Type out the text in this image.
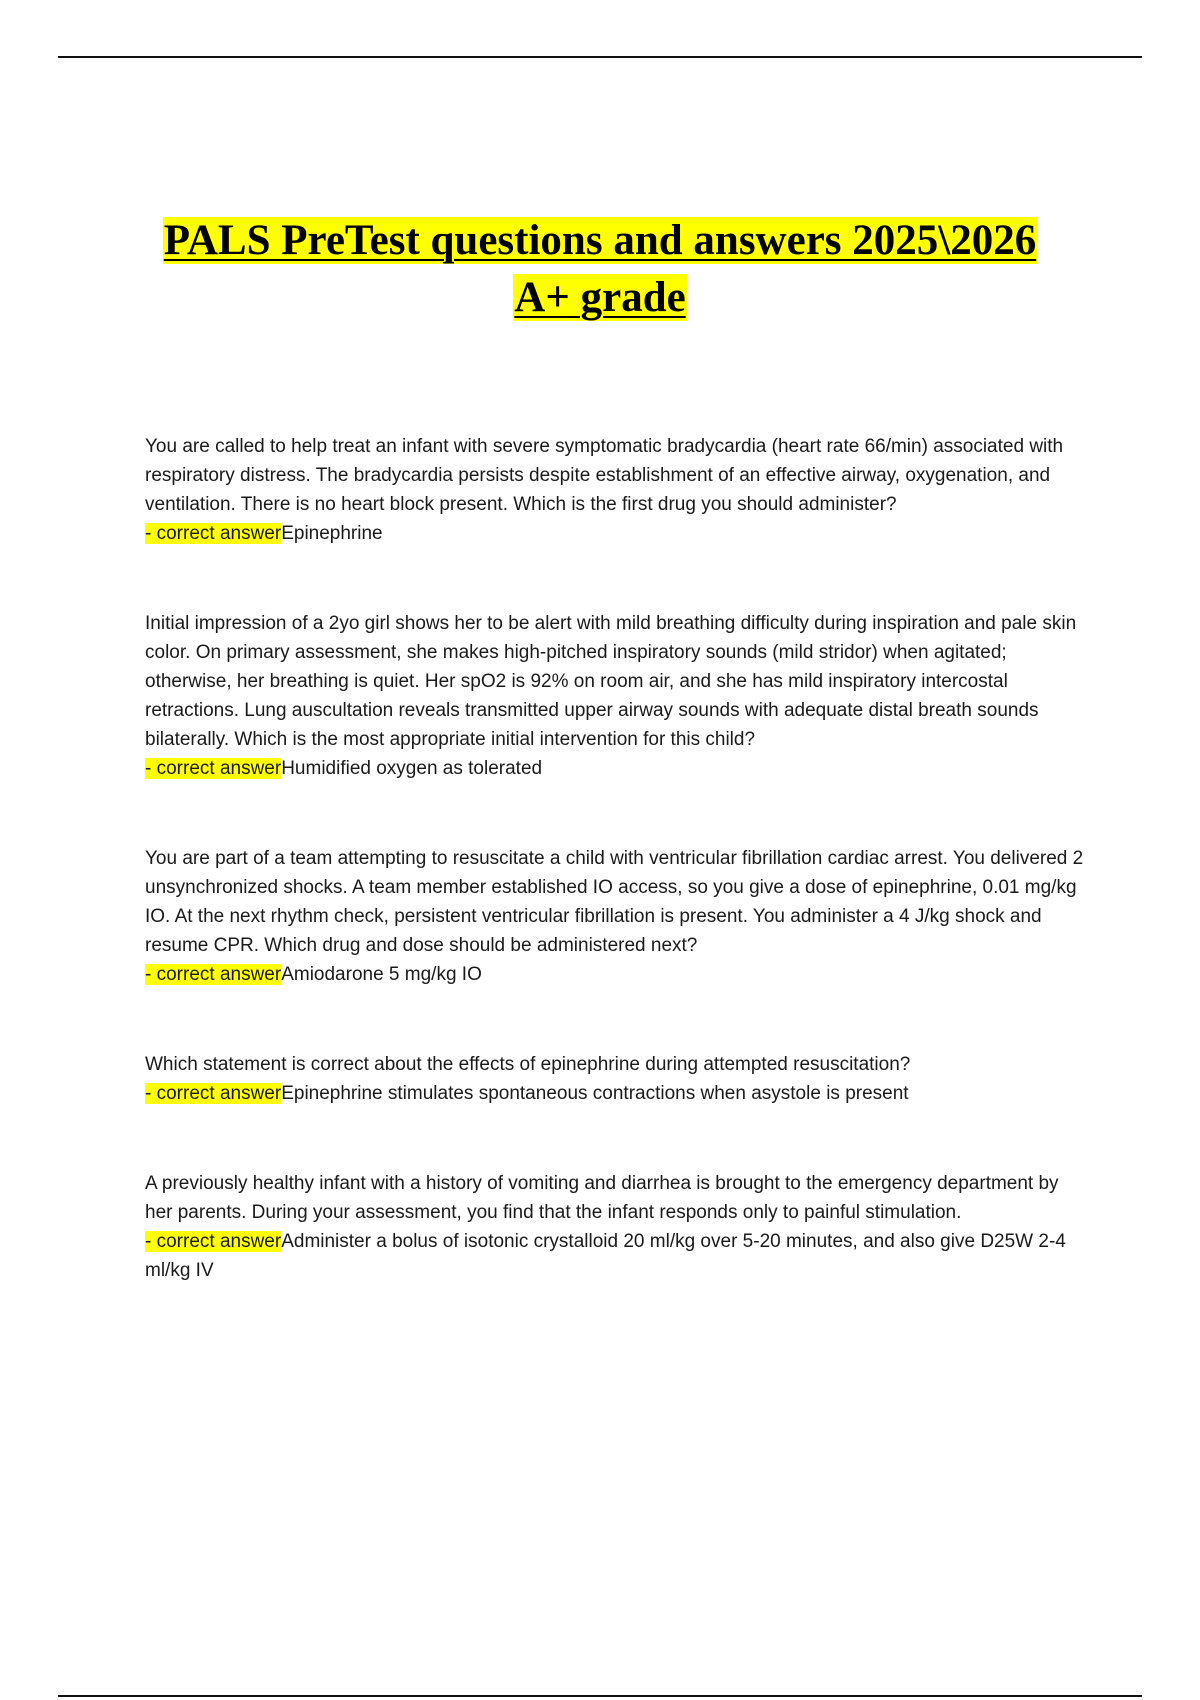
PALS PreTest questions and answers 2025\2026
A+ grade

You are called to help treat an infant with severe symptomatic bradycardia (heart rate 66/min) associated with respiratory distress. The bradycardia persists despite establishment of an effective airway, oxygenation, and ventilation. There is no heart block present. Which is the first drug you should administer?

- correct answerEpinephrine

Initial impression of a 2yo girl shows her to be alert with mild breathing difficulty during inspiration and pale skin color. On primary assessment, she makes high-pitched inspiratory sounds (mild stridor) when agitated; otherwise, her breathing is quiet. Her spO2 is 92% on room air, and she has mild inspiratory intercostal retractions. Lung auscultation reveals transmitted upper airway sounds with adequate distal breath sounds bilaterally. Which is the most appropriate initial intervention for this child?

- correct answerHumidified oxygen as tolerated

You are part of a team attempting to resuscitate a child with ventricular fibrillation cardiac arrest. You delivered 2 unsynchronized shocks. A team member established IO access, so you give a dose of epinephrine, 0.01 mg/kg IO. At the next rhythm check, persistent ventricular fibrillation is present. You administer a 4 J/kg shock and resume CPR. Which drug and dose should be administered next?

- correct answerAmiodarone 5 mg/kg IO

Which statement is correct about the effects of epinephrine during attempted resuscitation?

- correct answerEpinephrine stimulates spontaneous contractions when asystole is present

A previously healthy infant with a history of vomiting and diarrhea is brought to the emergency department by her parents. During your assessment, you find that the infant responds only to painful stimulation.

- correct answerAdminister a bolus of isotonic crystalloid 20 ml/kg over 5-20 minutes, and also give D25W 2-4 ml/kg IV
